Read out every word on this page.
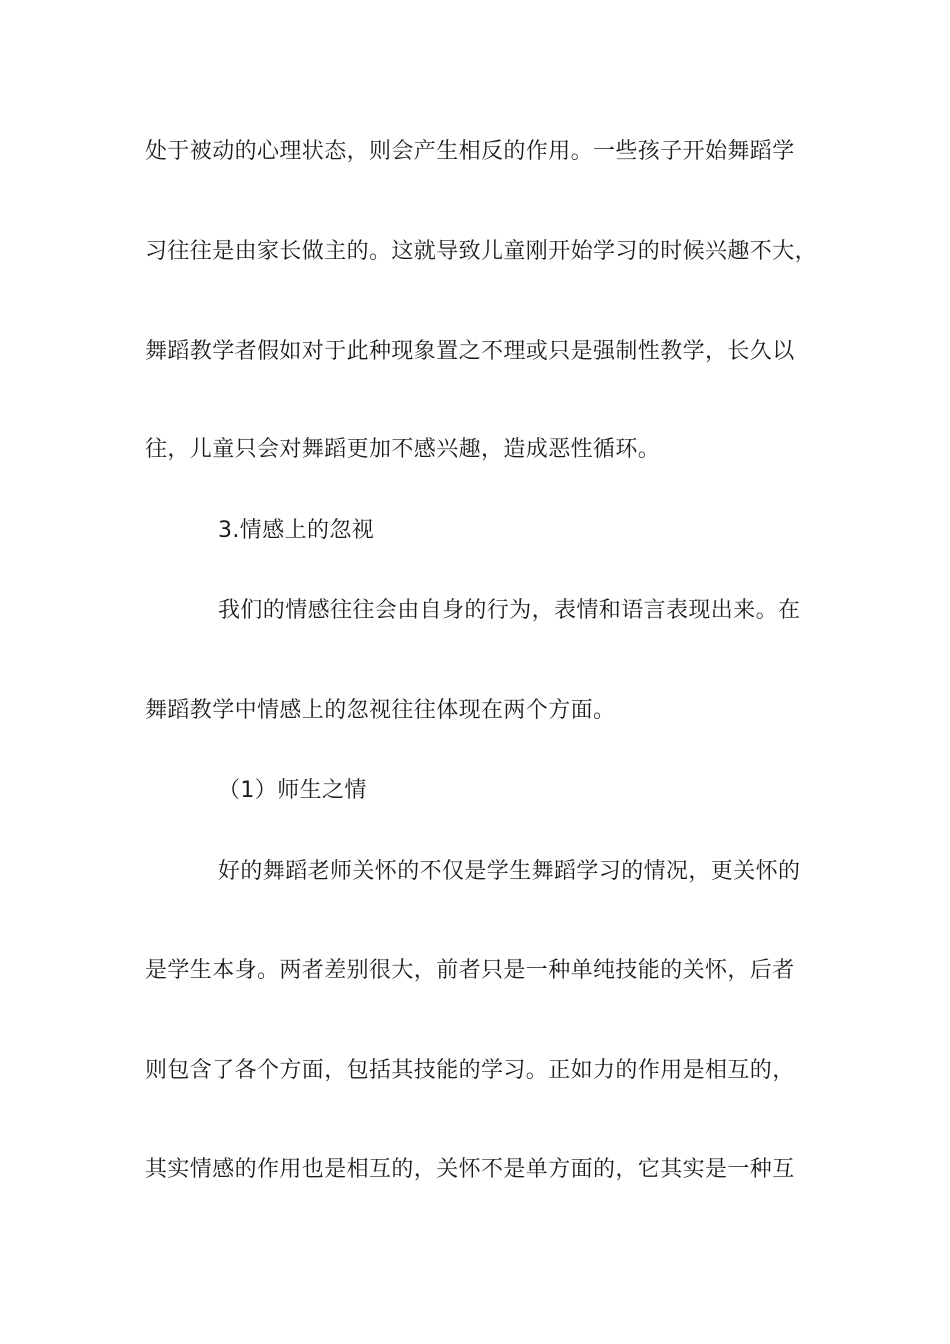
处于被动的心理状态，则会产生相反的作用。一些孩子开始舞蹈学
习往往是由家长做主的。这就导致儿童刚开始学习的时候兴趣不大，
舞蹈教学者假如对于此种现象置之不理或只是强制性教学，长久以
往，儿童只会对舞蹈更加不感兴趣，造成恶性循环。
3.情感上的忽视
我们的情感往往会由自身的行为，表情和语言表现出来。在
舞蹈教学中情感上的忽视往往体现在两个方面。
（1）师生之情
好的舞蹈老师关怀的不仅是学生舞蹈学习的情况，更关怀的
是学生本身。两者差别很大，前者只是一种单纯技能的关怀，后者
则包含了各个方面，包括其技能的学习。正如力的作用是相互的，
其实情感的作用也是相互的，关怀不是单方面的，它其实是一种互
